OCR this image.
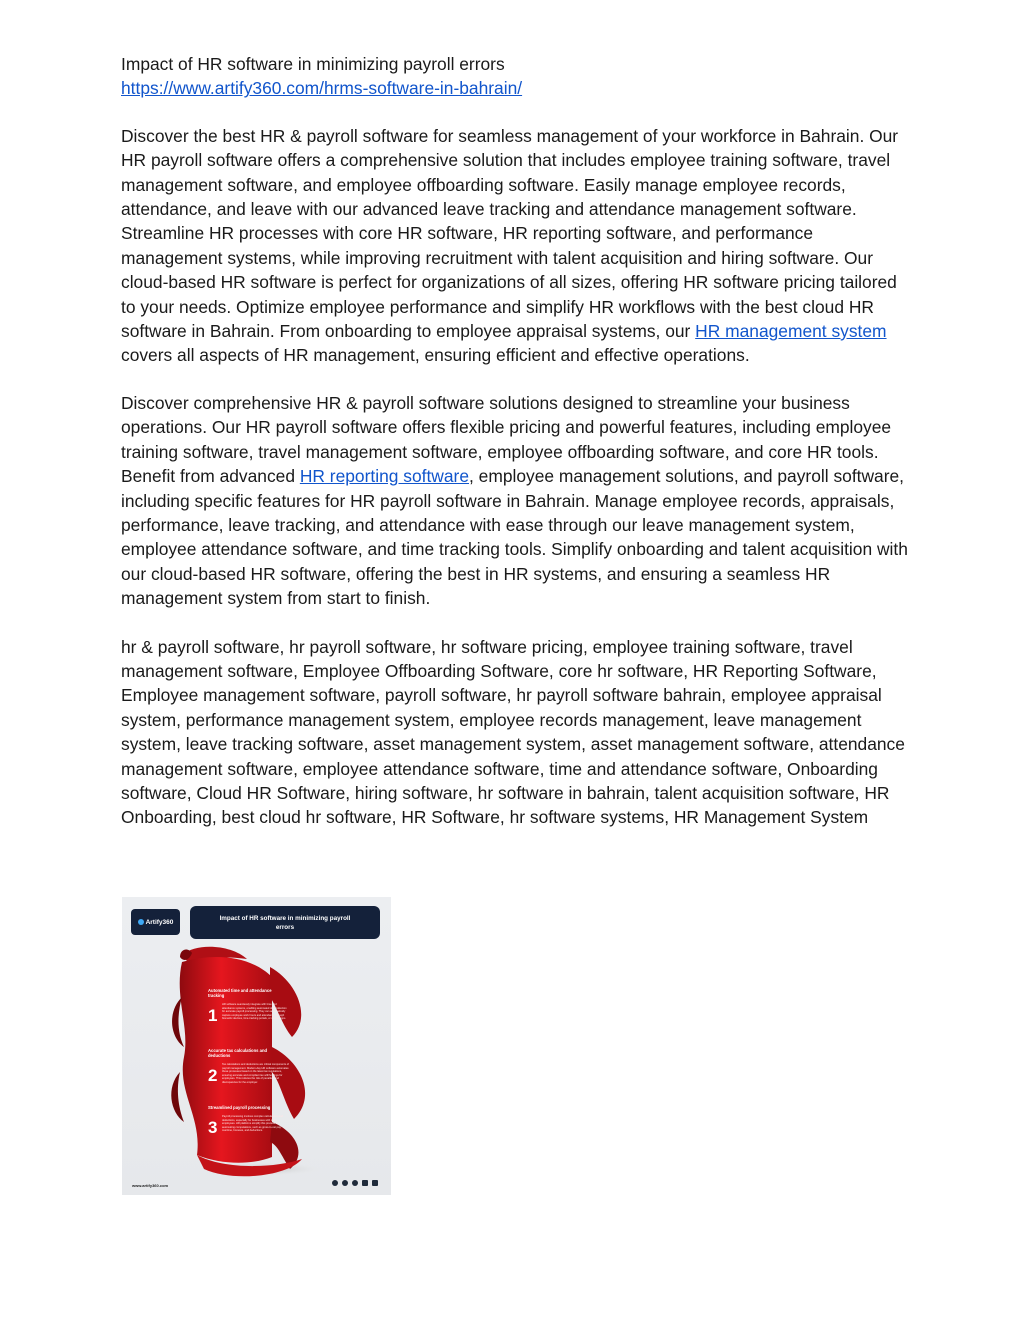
Impact of HR software in minimizing payroll errors

https://www.artify360.com/hrms-software-in-bahrain/

Discover the best HR & payroll software for seamless management of your workforce in Bahrain. Our HR payroll software offers a comprehensive solution that includes employee training software, travel management software, and employee offboarding software. Easily manage employee records, attendance, and leave with our advanced leave tracking and attendance management software. Streamline HR processes with core HR software, HR reporting software, and performance management systems, while improving recruitment with talent acquisition and hiring software. Our cloud-based HR software is perfect for organizations of all sizes, offering HR software pricing tailored to your needs. Optimize employee performance and simplify HR workflows with the best cloud HR software in Bahrain. From onboarding to employee appraisal systems, our HR management system covers all aspects of HR management, ensuring efficient and effective operations.

Discover comprehensive HR & payroll software solutions designed to streamline your business operations. Our HR payroll software offers flexible pricing and powerful features, including employee training software, travel management software, employee offboarding software, and core HR tools. Benefit from advanced HR reporting software, employee management solutions, and payroll software, including specific features for HR payroll software in Bahrain. Manage employee records, appraisals, performance, leave tracking, and attendance with ease through our leave management system, employee attendance software, and time tracking tools. Simplify onboarding and talent acquisition with our cloud-based HR software, offering the best in HR systems, and ensuring a seamless HR management system from start to finish.

hr & payroll software, hr payroll software, hr software pricing, employee training software, travel management software, Employee Offboarding Software, core hr software, HR Reporting Software, Employee management software, payroll software, hr payroll software bahrain, employee appraisal system, performance management system, employee records management, leave management system, leave tracking software, asset management system, asset management software, attendance management software, employee attendance software, time and attendance software, Onboarding software, Cloud HR Software, hiring software, hr software in bahrain, talent acquisition software, HR Onboarding, best cloud hr software, HR Software, hr software systems, HR Management System

Artify360
Impact of HR software in minimizing payroll errors
Automated time and attendance tracking
1
HR software seamlessly integrate with time and attendance systems, enabling automated data collection for accurate payroll processing. They can automatically capture employee work hours and attendance through biometric devices, time-tracking portals, or mobile apps.
Accurate tax calculations and deductions
2
Tax calculations and deductions are critical components of payroll management. Modern-day HR software automates these processes based on the latest tax regulations, ensuring accurate and compliant tax withholdings for employees. This reduces the risk of penalties and discrepancies for the employer.
Streamlined payroll processing
3
Payroll processing involves complex calculations and deductions, especially for businesses with many employees. HR platforms simplify this process by automating computations, such as gross-to-net pay, overtime, bonuses, and deductions.
www.artify360.com
